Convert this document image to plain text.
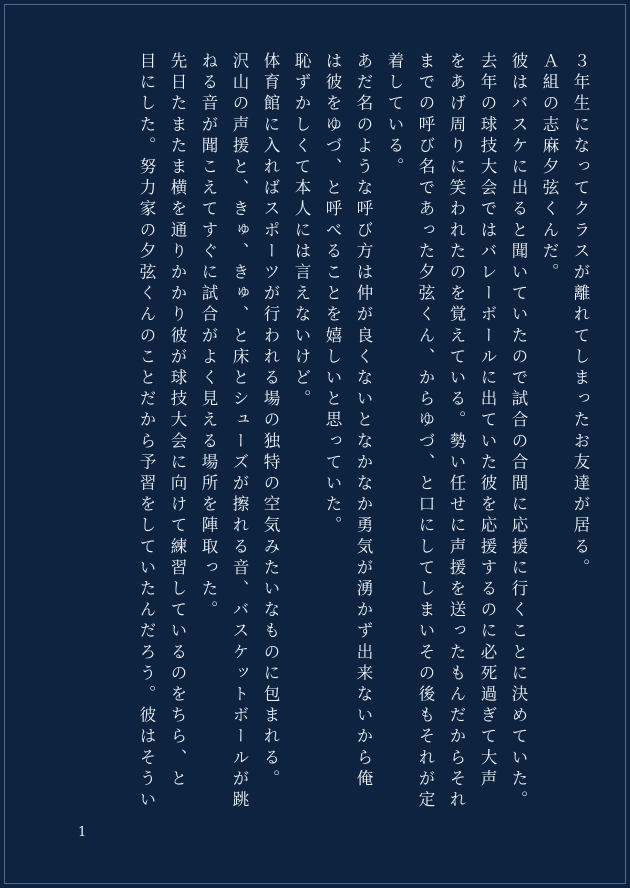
３年生になってクラスが離れてしまったお友達が居る。
Ａ組の志麻夕弦くんだ。
彼はバスケに出ると聞いていたので試合の合間に応援に行くことに決めていた。
去年の球技大会ではバレーボールに出ていた彼を応援するのに必死過ぎて大声
をあげ周りに笑われたのを覚えている。勢い任せに声援を送ったもんだからそれ
までの呼び名であった夕弦くん、からゆづ、と口にしてしまいその後もそれが定
着している。
あだ名のような呼び方は仲が良くないとなかなか勇気が湧かず出来ないから俺
は彼をゆづ、と呼べることを嬉しいと思っていた。
恥ずかしくて本人には言えないけど。
体育館に入ればスポーツが行われる場の独特の空気みたいなものに包まれる。
沢山の声援と、きゅ、きゅ、と床とシューズが擦れる音、バスケットボールが跳
ねる音が聞こえてすぐに試合がよく見える場所を陣取った。
先日たまたま横を通りかかり彼が球技大会に向けて練習しているのをちら、と
目にした。努力家の夕弦くんのことだから予習をしていたんだろう。彼はそうい
1
